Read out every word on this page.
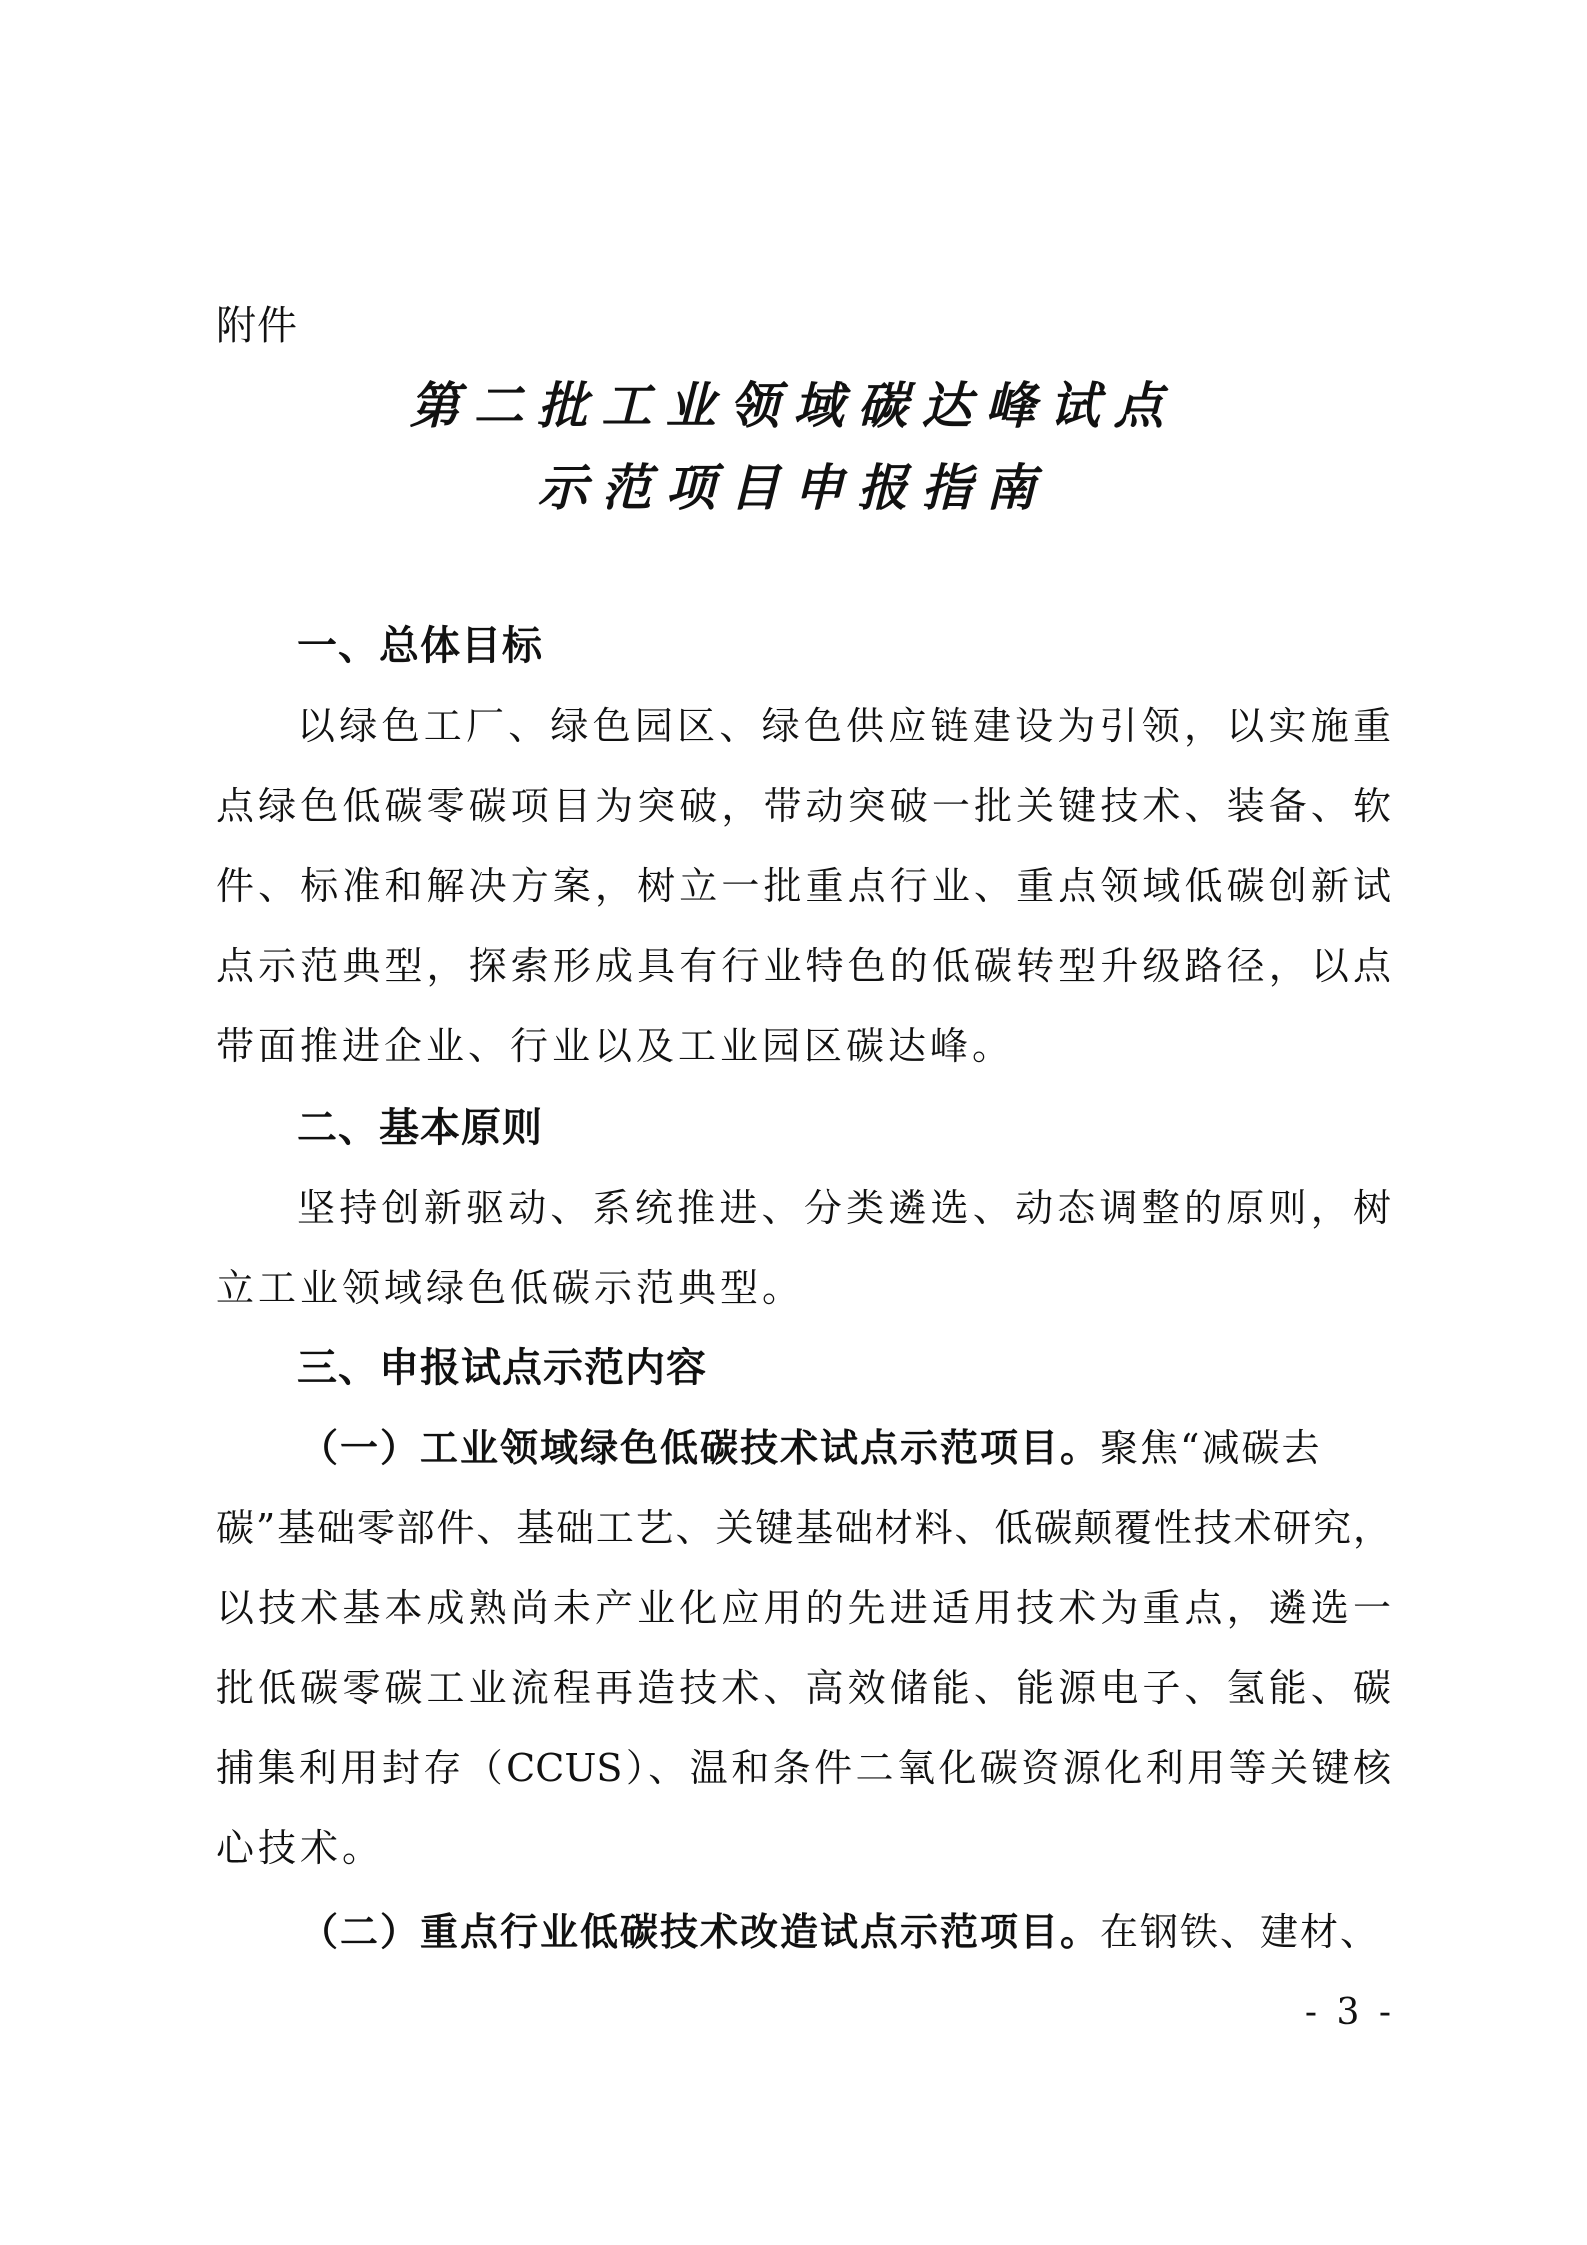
附件
第二批工业领域碳达峰试点
示范项目申报指南
一、总体目标
以绿色工厂、绿色园区、绿色供应链建设为引领，以实施重
点绿色低碳零碳项目为突破，带动突破一批关键技术、装备、软
件、标准和解决方案，树立一批重点行业、重点领域低碳创新试
点示范典型，探索形成具有行业特色的低碳转型升级路径，以点
带面推进企业、行业以及工业园区碳达峰。
二、基本原则
坚持创新驱动、系统推进、分类遴选、动态调整的原则，树
立工业领域绿色低碳示范典型。
三、申报试点示范内容
（一）工业领域绿色低碳技术试点示范项目。聚焦“减碳去
碳”基础零部件、基础工艺、关键基础材料、低碳颠覆性技术研究，
以技术基本成熟尚未产业化应用的先进适用技术为重点，遴选一
批低碳零碳工业流程再造技术、高效储能、能源电子、氢能、碳
捕集利用封存（CCUS）、温和条件二氧化碳资源化利用等关键核
心技术。
（二）重点行业低碳技术改造试点示范项目。在钢铁、建材、
- 3 -
